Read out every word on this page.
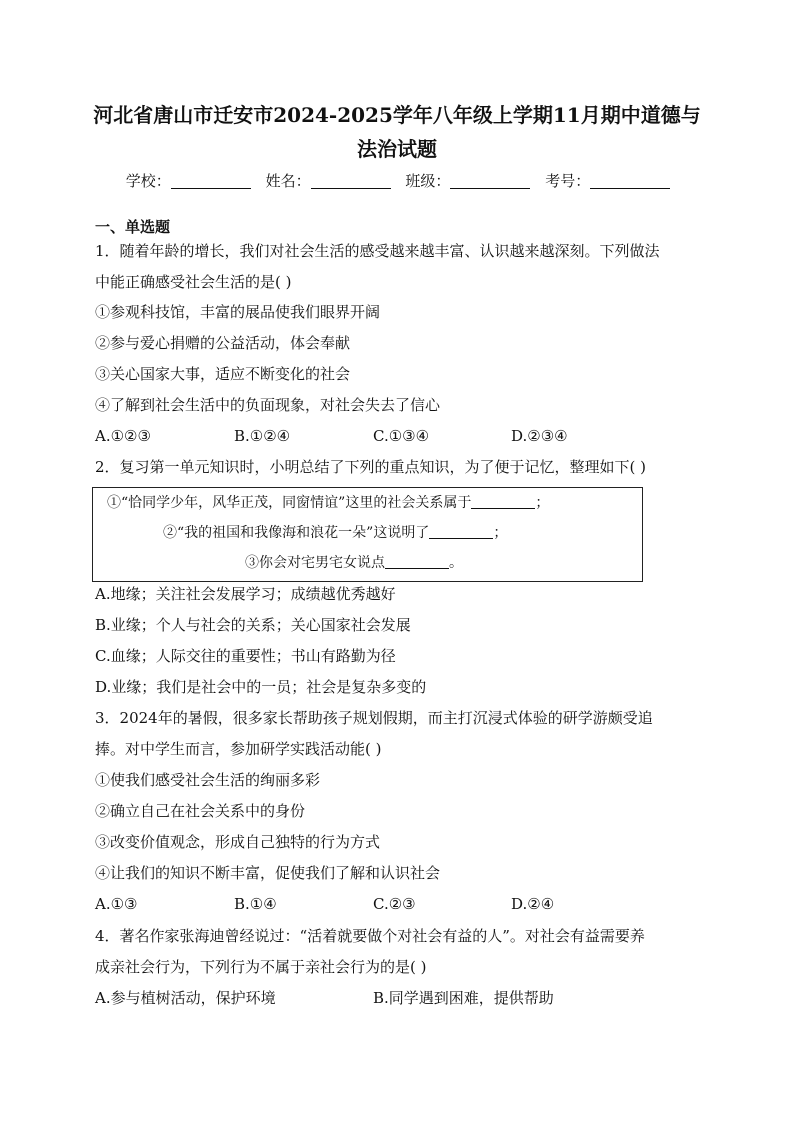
河北省唐山市迁安市2024-2025学年八年级上学期11月期中道德与
法治试题
学校：	姓名：	班级：	考号：
一、单选题
1．随着年龄的增长，我们对社会生活的感受越来越丰富、认识越来越深刻。下列做法
中能正确感受社会生活的是( )
①参观科技馆，丰富的展品使我们眼界开阔
②参与爱心捐赠的公益活动，体会奉献
③关心国家大事，适应不断变化的社会
④了解到社会生活中的负面现象，对社会失去了信心
A.①②③	B.①②④	C.①③④	D.②③④
2．复习第一单元知识时，小明总结了下列的重点知识，为了便于记忆，整理如下( )
①“恰同学少年，风华正茂，同窗情谊”这里的社会关系属于	；
②“我的祖国和我像海和浪花一朵”这说明了	；
③你会对宅男宅女说点	。
A.地缘；关注社会发展学习；成绩越优秀越好
B.业缘；个人与社会的关系；关心国家社会发展
C.血缘；人际交往的重要性；书山有路勤为径
D.业缘；我们是社会中的一员；社会是复杂多变的
3．2024年的暑假，很多家长帮助孩子规划假期，而主打沉浸式体验的研学游颇受追
捧。对中学生而言，参加研学实践活动能( )
①使我们感受社会生活的绚丽多彩
②确立自己在社会关系中的身份
③改变价值观念，形成自己独特的行为方式
④让我们的知识不断丰富，促使我们了解和认识社会
A.①③	B.①④	C.②③	D.②④
4．著名作家张海迪曾经说过：“活着就要做个对社会有益的人”。对社会有益需要养
成亲社会行为，下列行为不属于亲社会行为的是( )
A.参与植树活动，保护环境	B.同学遇到困难，提供帮助
